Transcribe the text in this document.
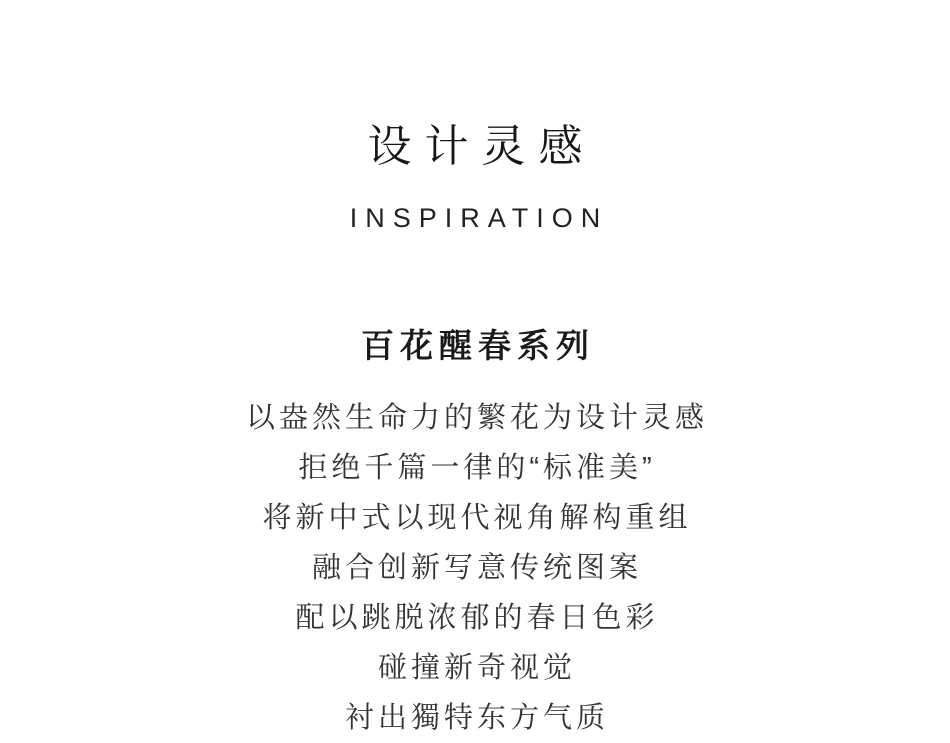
设计灵感
INSPIRATION
百花醒春系列

以盎然生命力的繁花为设计灵感

拒绝千篇一律的“标准美”

将新中式以现代视角解构重组

融合创新写意传统图案

配以跳脱浓郁的春日色彩

碰撞新奇视觉

衬出獨特东方气质
